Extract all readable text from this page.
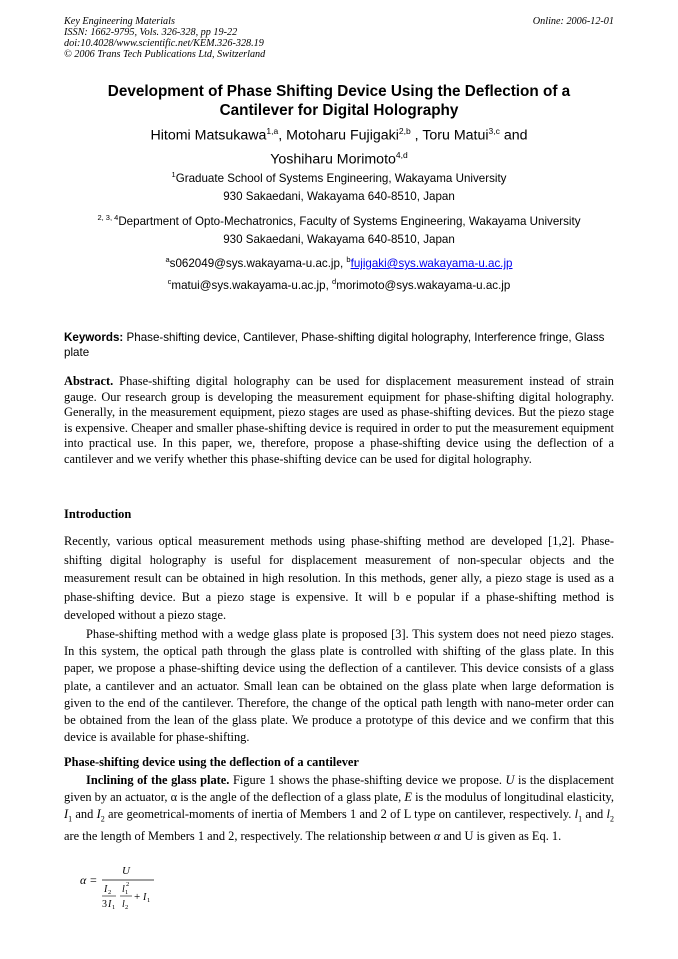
Key Engineering Materials
ISSN: 1662-9795, Vols. 326-328, pp 19-22
doi:10.4028/www.scientific.net/KEM.326-328.19
© 2006 Trans Tech Publications Ltd, Switzerland
Online: 2006-12-01
Development of Phase Shifting Device Using the Deflection of a
Cantilever for Digital Holography
Hitomi Matsukawa$^{1,a}$, Motoharu Fujigaki$^{2,b}$ , Toru Matui$^{3,c}$ and
Yoshiharu Morimoto$^{4,d}$
$^1$Graduate School of Systems Engineering, Wakayama University
930 Sakaedani, Wakayama 640-8510, Japan
$^{2, 3, 4}$Department of Opto-Mechatronics, Faculty of Systems Engineering, Wakayama University
930 Sakaedani, Wakayama 640-8510, Japan
$^a$s062049@sys.wakayama-u.ac.jp, $^b$fujigaki@sys.wakayama-u.ac.jp
$^c$matui@sys.wakayama-u.ac.jp, $^d$morimoto@sys.wakayama-u.ac.jp
Keywords: Phase-shifting device, Cantilever, Phase-shifting digital holography, Interference fringe, Glass plate
Abstract. Phase-shifting digital holography can be used for displacement measurement instead of strain gauge. Our research group is developing the measurement equipment for phase-shifting digital holography. Generally, in the measurement equipment, piezo stages are used as phase-shifting devices. But the piezo stage is expensive. Cheaper and smaller phase-shifting device is required in order to put the measurement equipment into practical use. In this paper, we, therefore, propose a phase-shifting device using the deflection of a cantilever and we verify whether this phase-shifting device can be used for digital holography.
Introduction
Recently, various optical measurement methods using phase-shifting method are developed [1,2]. Phase-shifting digital holography is useful for displacement measurement of non-specular objects and the measurement result can be obtained in high resolution. In this methods, gener ally, a piezo stage is used as a phase-shifting device. But a piezo stage is expensive. It will b e popular if a phase-shifting method is developed without a piezo stage.
Phase-shifting method with a wedge glass plate is proposed [3]. This system does not need piezo stages. In this system, the optical path through the glass plate is controlled with shifting of the glass plate. In this paper, we propose a phase-shifting device using the deflection of a cantilever. This device consists of a glass plate, a cantilever and an actuator. Small lean can be obtained on the glass plate when large deformation is given to the end of the cantilever. Therefore, the change of the optical path length with nano-meter order can be obtained from the lean of the glass plate. We produce a prototype of this device and we confirm that this device is available for phase-shifting.
Phase-shifting device using the deflection of a cantilever
Inclining of the glass plate. Figure 1 shows the phase-shifting device we propose. U is the displacement given by an actuator, α is the angle of the deflection of a glass plate, E is the modulus of longitudinal elasticity, $I_1$ and $I_2$ are geometrical-moments of inertia of Members 1 and 2 of L type on cantilever, respectively. $l_1$ and $l_2$ are the length of Members 1 and 2, respectively. The relationship between α and U is given as Eq. 1.
α =
U
I 2
3 I 1
l 1
2
l 2
+ I 1
